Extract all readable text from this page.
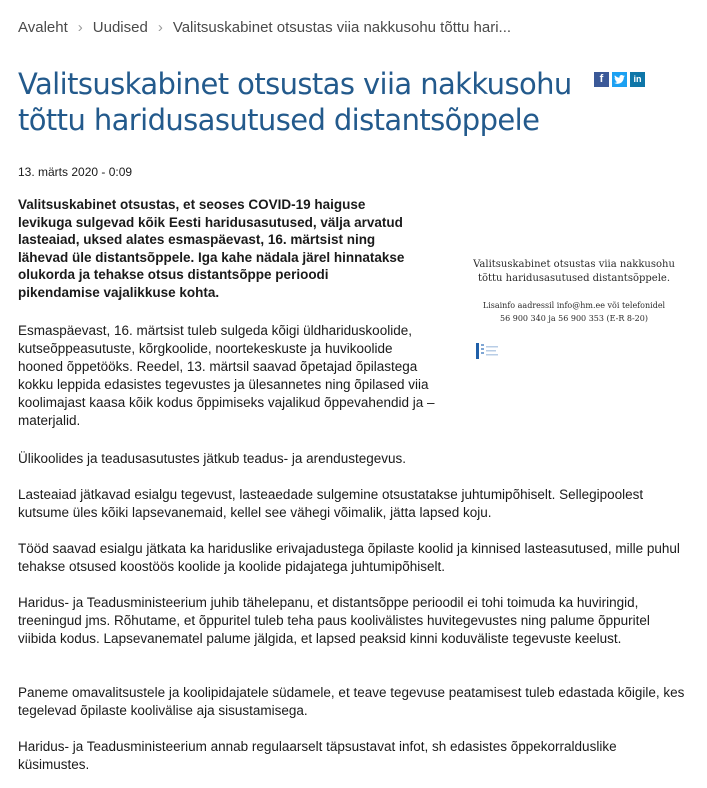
Avaleht › Uudised › Valitsuskabinet otsustas viia nakkusohu tõttu hari...
Valitsuskabinet otsustas viia nakkusohu tõttu haridusasutused distantsõppele
f	in
13. märts 2020 - 0:09

Valitsuskabinet otsustas, et seoses COVID-19 haiguse levikuga sulgevad kõik Eesti haridusasutused, välja arvatud lasteaiad, uksed alates esmaspäevast, 16. märtsist ning lähevad üle distantsõppele. Iga kahe nädala järel hinnatakse olukorda ja tehakse otsus distantsõppe perioodi pikendamise vajalikkuse kohta.

Valitsuskabinet otsustas viia nakkusohu
tõttu haridusasutused distantsõppele.
Lisainfo aadressil info@hm.ee või telefonidel
56 900 340 ja 56 900 353 (E-R 8-20)

Esmaspäevast, 16. märtsist tuleb sulgeda kõigi üldhariduskoolide, kutseõppeasutuste, kõrgkoolide, noortekeskuste ja huvikoolide hooned õppetööks. Reedel, 13. märtsil saavad õpetajad õpilastega kokku leppida edasistes tegevustes ja ülesannetes ning õpilased viia koolimajast kaasa kõik kodus õppimiseks vajalikud õppevahendid ja –materjalid.

Ülikoolides ja teadusasutustes jätkub teadus- ja arendustegevus.

Lasteaiad jätkavad esialgu tegevust, lasteaedade sulgemine otsustatakse juhtumipõhiselt. Sellegipoolest kutsume üles kõiki lapsevanemaid, kellel see vähegi võimalik, jätta lapsed koju.

Tööd saavad esialgu jätkata ka hariduslike erivajadustega õpilaste koolid ja kinnised lasteasutused, mille puhul tehakse otsused koostöös koolide ja koolide pidajatega juhtumipõhiselt.

Haridus- ja Teadusministeerium juhib tähelepanu, et distantsõppe perioodil ei tohi toimuda ka huviringid, treeningud jms. Rõhutame, et õppuritel tuleb teha paus koolivälistes huvitegevustes ning palume õppuritel viibida kodus. Lapsevanematel palume jälgida, et lapsed peaksid kinni koduväliste tegevuste keelust.

Paneme omavalitsustele ja koolipidajatele südamele, et teave tegevuse peatamisest tuleb edastada kõigile, kes tegelevad õpilaste koolivälise aja sisustamisega.

Haridus- ja Teadusministeerium annab regulaarselt täpsustavat infot, sh edasistes õppekorralduslike küsimustes.
